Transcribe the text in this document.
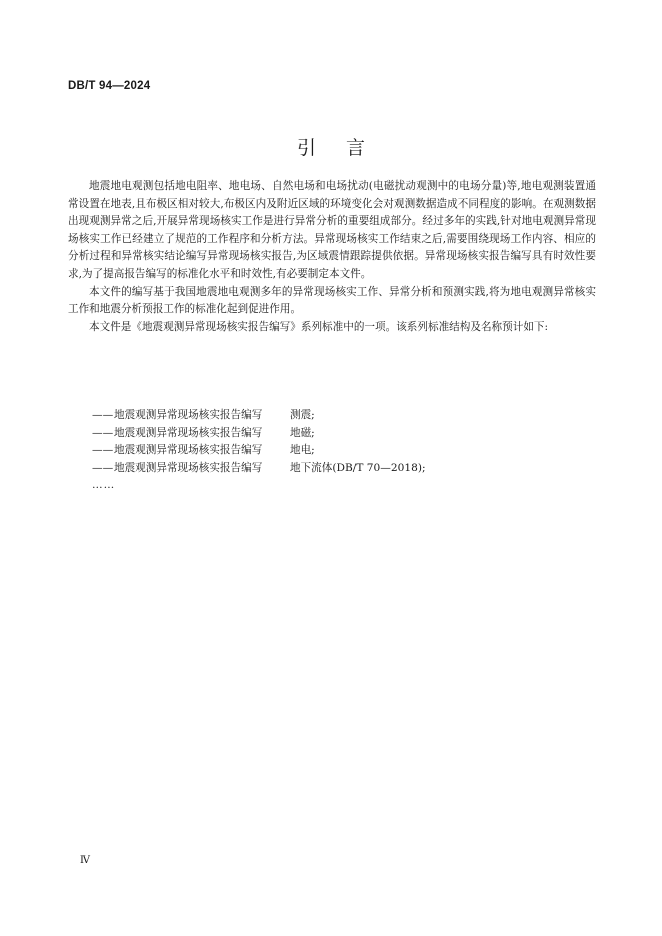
DB/T 94—2024
引言

地震地电观测包括地电阻率、地电场、自然电场和电场扰动(电磁扰动观测中的电场分量)等,地电观测装置通常设置在地表,且布极区相对较大,布极区内及附近区域的环境变化会对观测数据造成不同程度的影响。在观测数据出现观测异常之后,开展异常现场核实工作是进行异常分析的重要组成部分。经过多年的实践,针对地电观测异常现场核实工作已经建立了规范的工作程序和分析方法。异常现场核实工作结束之后,需要围绕现场工作内容、相应的分析过程和异常核实结论编写异常现场核实报告,为区域震情跟踪提供依据。异常现场核实报告编写具有时效性要求,为了提高报告编写的标准化水平和时效性,有必要制定本文件。

本文件的编写基于我国地震地电观测多年的异常现场核实工作、异常分析和预测实践,将为地电观测异常核实工作和地震分析预报工作的标准化起到促进作用。

本文件是《地震观测异常现场核实报告编写》系列标准中的一项。该系列标准结构及名称预计如下:

—— 地震观测异常现场核实报告编写	测震;
—— 地震观测异常现场核实报告编写	地磁;
—— 地震观测异常现场核实报告编写	地电;
—— 地震观测异常现场核实报告编写	地下流体(DB/T 70—2018);
……
Ⅳ
